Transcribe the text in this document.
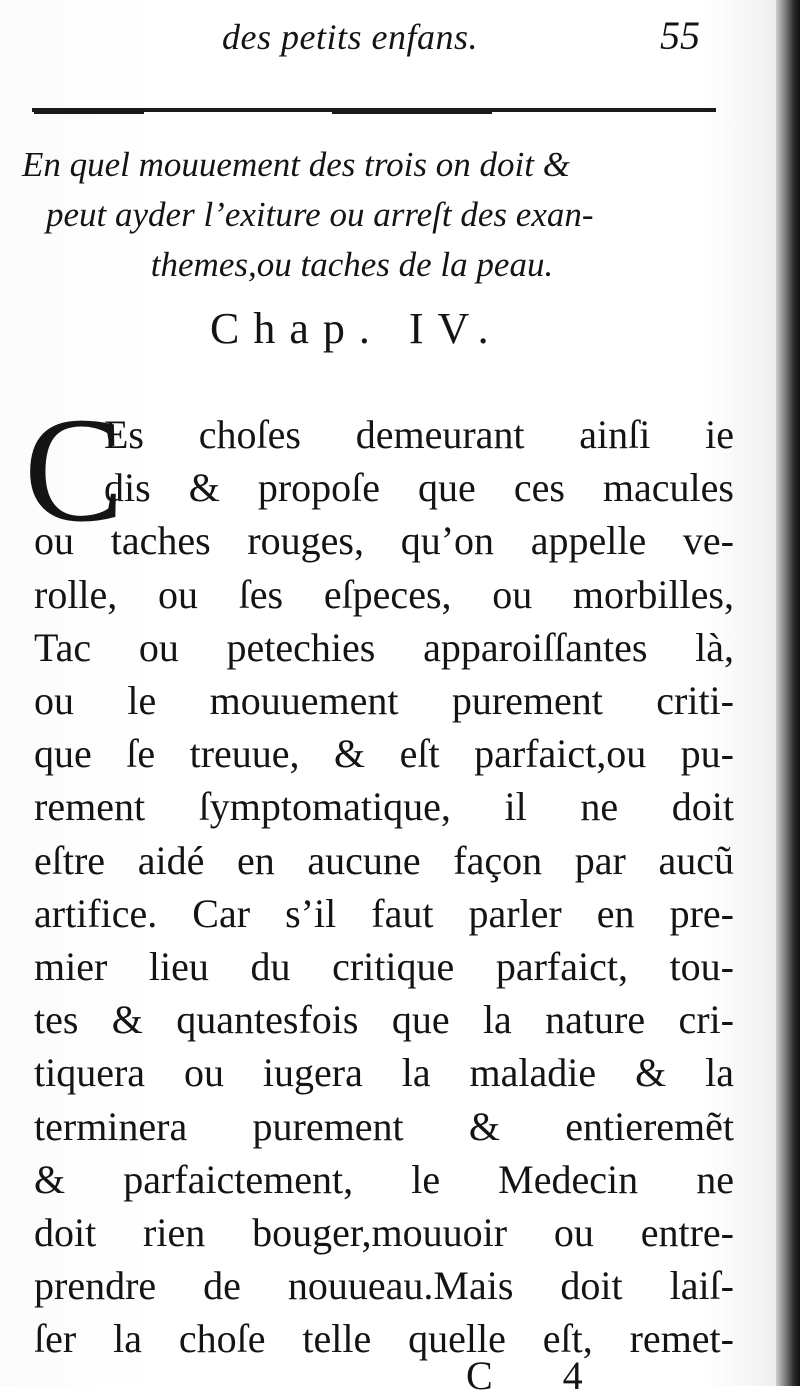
des petits enfans.	55
En quel mouuement des trois on doit &
peut ayder l’exiture ou arreſt des exan-
themes,ou taches de la peau.
Chap. IV.
C
Es choſes demeurant ainſi ie
dis & propoſe que ces macules
ou taches rouges, qu’on appelle ve-
rolle, ou ſes eſpeces, ou morbilles,
Tac ou petechies apparoiſſantes là,
ou le mouuement purement criti-
que ſe treuue, & eſt parfaict,ou pu-
rement ſymptomatique, il ne doit
eſtre aidé en aucune façon par aucũ
artifice. Car s’il faut parler en pre-
mier lieu du critique parfaict, tou-
tes & quantesfois que la nature cri-
tiquera ou iugera la maladie & la
terminera purement & entieremẽt
& parfaictement, le Medecin ne
doit rien bouger,mouuoir ou entre-
prendre de nouueau.Mais doit laiſ-
ſer la choſe telle quelle eſt, remet-
C 4
